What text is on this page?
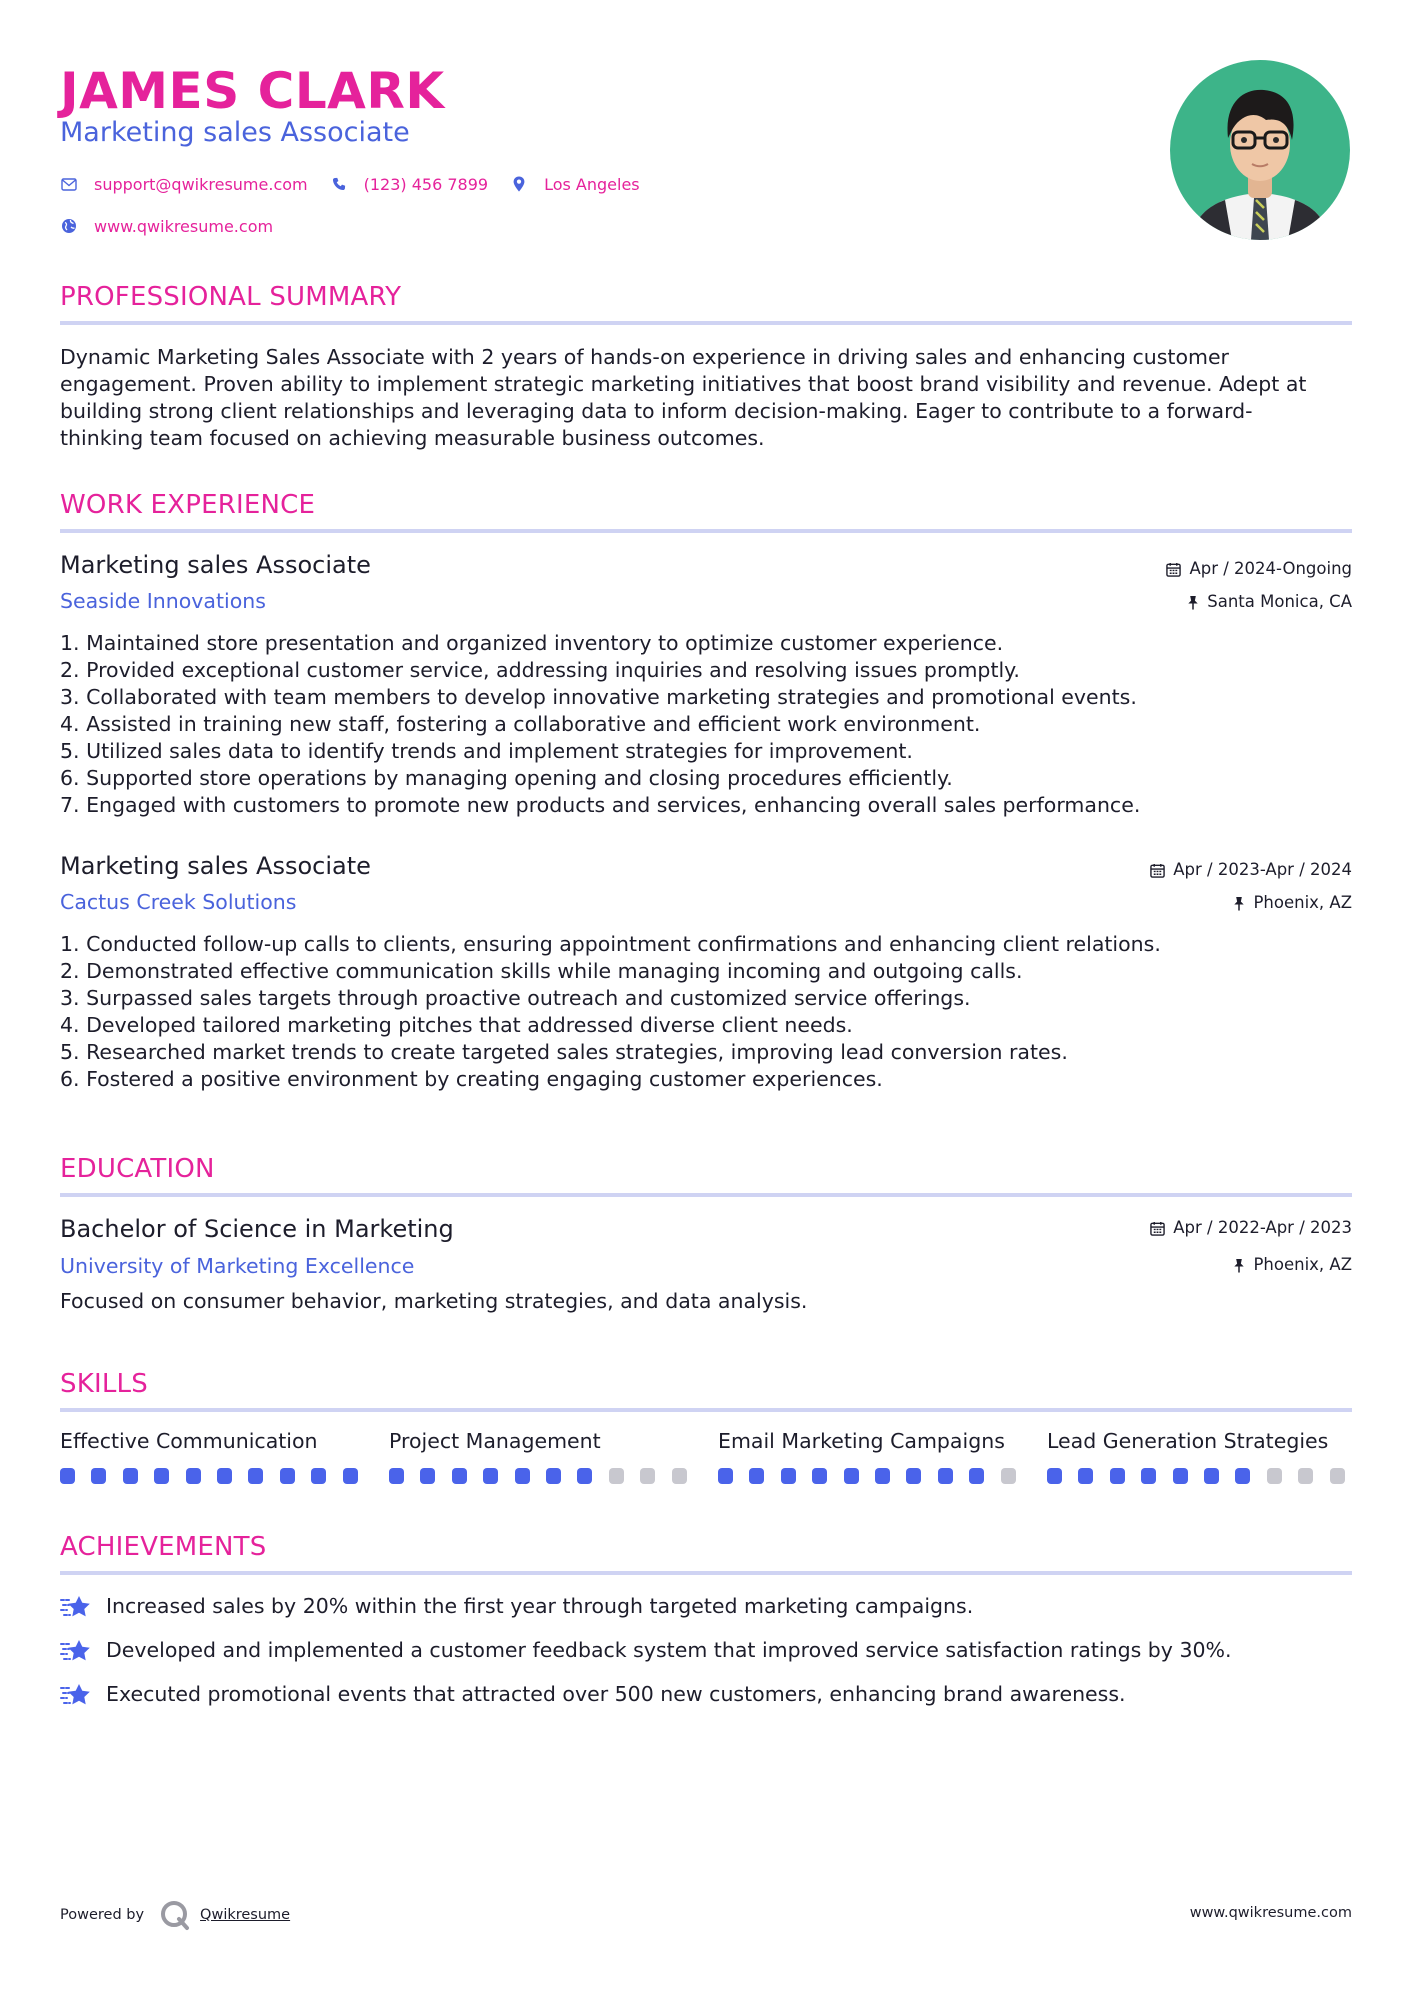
JAMES CLARK
Marketing sales Associate
support@qwikresume.com	(123) 456 7899	Los Angeles
www.qwikresume.com
PROFESSIONAL SUMMARY
Dynamic Marketing Sales Associate with 2 years of hands-on experience in driving sales and enhancing customer
engagement. Proven ability to implement strategic marketing initiatives that boost brand visibility and revenue. Adept at
building strong client relationships and leveraging data to inform decision-making. Eager to contribute to a forward-
thinking team focused on achieving measurable business outcomes.
WORK EXPERIENCE
Marketing sales Associate	Apr / 2024-Ongoing
Seaside Innovations	Santa Monica, CA
1. Maintained store presentation and organized inventory to optimize customer experience.
2. Provided exceptional customer service, addressing inquiries and resolving issues promptly.
3. Collaborated with team members to develop innovative marketing strategies and promotional events.
4. Assisted in training new staff, fostering a collaborative and efficient work environment.
5. Utilized sales data to identify trends and implement strategies for improvement.
6. Supported store operations by managing opening and closing procedures efficiently.
7. Engaged with customers to promote new products and services, enhancing overall sales performance.
Marketing sales Associate	Apr / 2023-Apr / 2024
Cactus Creek Solutions	Phoenix, AZ
1. Conducted follow-up calls to clients, ensuring appointment confirmations and enhancing client relations.
2. Demonstrated effective communication skills while managing incoming and outgoing calls.
3. Surpassed sales targets through proactive outreach and customized service offerings.
4. Developed tailored marketing pitches that addressed diverse client needs.
5. Researched market trends to create targeted sales strategies, improving lead conversion rates.
6. Fostered a positive environment by creating engaging customer experiences.
EDUCATION
Bachelor of Science in Marketing	Apr / 2022-Apr / 2023
University of Marketing Excellence	Phoenix, AZ
Focused on consumer behavior, marketing strategies, and data analysis.
SKILLS
Effective Communication	Project Management	Email Marketing Campaigns	Lead Generation Strategies
ACHIEVEMENTS
Increased sales by 20% within the first year through targeted marketing campaigns.
Developed and implemented a customer feedback system that improved service satisfaction ratings by 30%.
Executed promotional events that attracted over 500 new customers, enhancing brand awareness.
Powered by	Qwikresume	www.qwikresume.com
